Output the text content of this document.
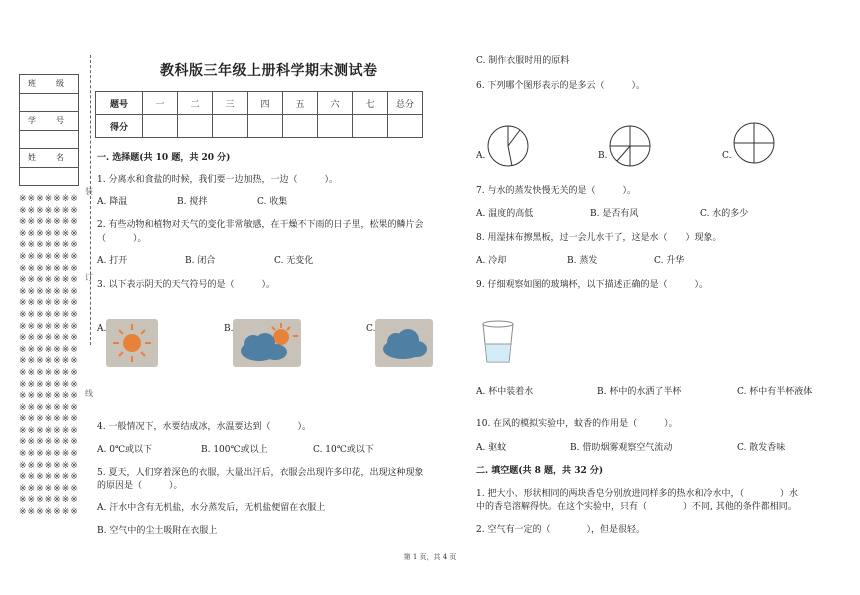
班　级
学　号
姓　名
※※※※※※※※※※※※※※※※※※※※※※※※※※※※※※※※※※※※※※※※※※※※※※※※※※※※※※※※※※※※※※※※※※※※※※※※※※※※※※※※※※※※※※※※※※※※※※※※※※※※※※※※※※※※※※※※※※※※※※※※※※※※※※※※※※※※※※※※※※※※※※※※※※※※※※※※※※※※※※※※※※※※※※※※※※※※※※※※※※※※※※※※※※※※※※※※※※※※
装
订
线
教科版三年级上册科学期末测试卷
题号	一	二	三	四	五	六	七	总分
得分								
一. 选择题(共 10 题，共 20 分)
1. 分离水和食盐的时候，我们要一边加热，一边（　　　）。
A. 降温	B. 搅拌	C. 收集
2. 有些动物和植物对天气的变化非常敏感，在干燥不下雨的日子里，松果的鳞片会
（　　　）。
A. 打开	B. 闭合	C. 无变化
3. 以下表示阴天的天气符号的是（　　　）。
A.	B.	C.
4. 一般情况下，水要结成冰，水温要达到（　　　）。
A. 0℃或以下	B. 100℃或以上	C. 10℃或以下
5. 夏天，人们穿着深色的衣服，大量出汗后，衣服会出现许多印花，出现这种现象
的原因是（　　　）。
A. 汗水中含有无机盐，水分蒸发后，无机盐便留在衣服上
B. 空气中的尘土吸附在衣服上
C. 制作衣服时用的原料
6. 下列哪个图形表示的是多云（　　　）。
A.	B.	C.
7. 与水的蒸发快慢无关的是（　　　）。
A. 温度的高低	B. 是否有风	C. 水的多少
8. 用湿抹布擦黑板，过一会儿水干了，这是水（　　）现象。
A. 冷却	B. 蒸发	C. 升华
9. 仔细观察如图的玻璃杯，以下描述正确的是（　　　）。
A. 杯中装着水	B. 杯中的水洒了半杯	C. 杯中有半杯液体
10. 在风的模拟实验中，蚊香的作用是（　　　）。
A. 驱蚊	B. 借助烟雾观察空气流动	C. 散发香味
二. 填空题(共 8 题，共 32 分)
1. 把大小、形状相同的两块香皂分别放进同样多的热水和冷水中，（　　　　）水
中的香皂溶解得快。在这个实验中，只有（　　　　）不同, 其他的条件都相同。
2. 空气有一定的（　　　　），但是很轻。
第 1 页，共 4 页
